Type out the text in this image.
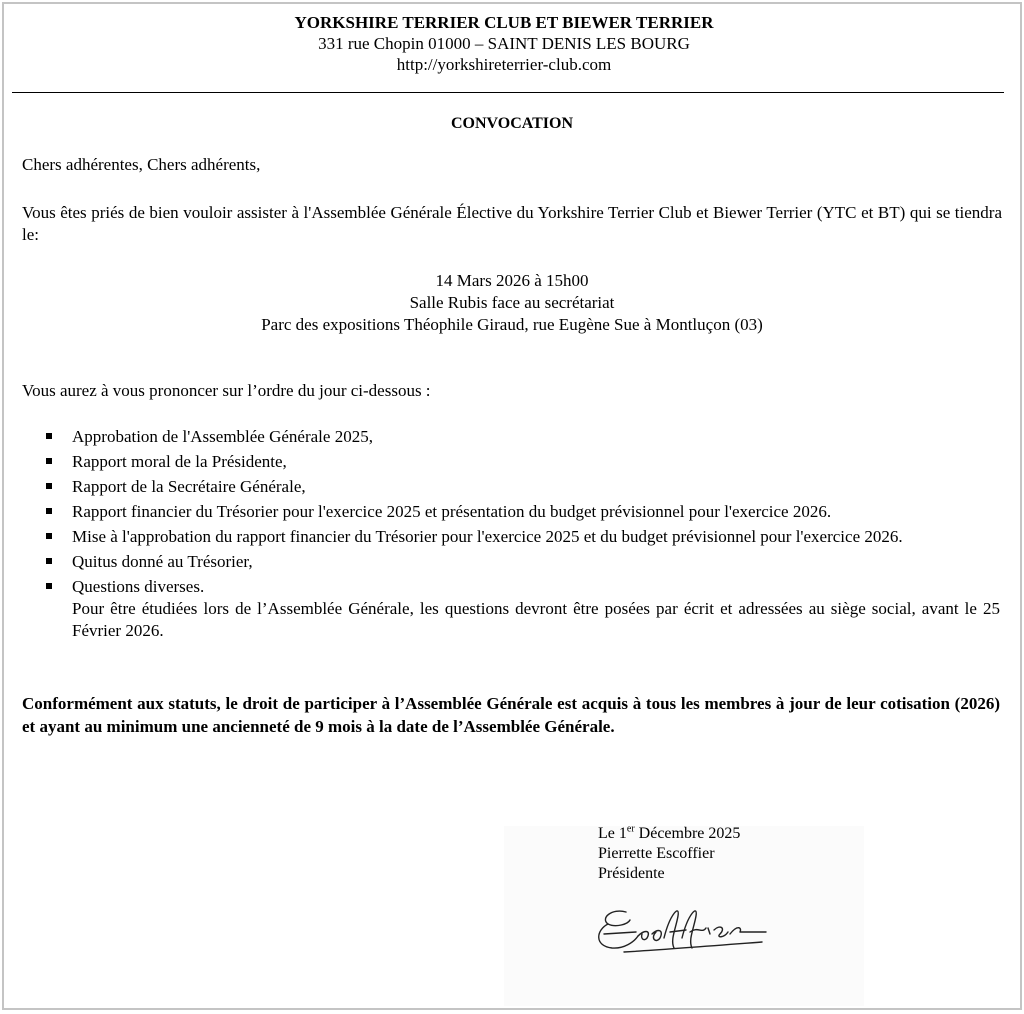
YORKSHIRE TERRIER CLUB ET BIEWER TERRIER
331 rue Chopin 01000 – SAINT DENIS LES BOURG
http://yorkshireterrier-club.com
CONVOCATION
Chers adhérentes, Chers adhérents,
Vous êtes priés de bien vouloir assister à l'Assemblée Générale Élective du Yorkshire Terrier Club et Biewer Terrier (YTC et BT) qui se tiendra le:
14 Mars 2026 à 15h00
Salle Rubis face au secrétariat
Parc des expositions Théophile Giraud, rue Eugène Sue à Montluçon (03)
Vous aurez à vous prononcer sur l’ordre du jour ci-dessous :
Approbation de l'Assemblée Générale 2025,
Rapport moral de la Présidente,
Rapport de la Secrétaire Générale,
Rapport financier du Trésorier pour l'exercice 2025 et présentation du budget prévisionnel pour l'exercice 2026.
Mise à l'approbation du rapport financier du Trésorier pour l'exercice 2025 et du budget prévisionnel pour l'exercice 2026.
Quitus donné au Trésorier,
Questions diverses.
Pour être étudiées lors de l’Assemblée Générale, les questions devront être posées par écrit et adressées au siège social, avant le 25 Février 2026.
Conformément aux statuts, le droit de participer à l’Assemblée Générale est acquis à tous les membres à jour de leur cotisation (2026) et ayant au minimum une ancienneté de 9 mois à la date de l’Assemblée Générale.
Le 1er Décembre 2025
Pierrette Escoffier
Présidente
